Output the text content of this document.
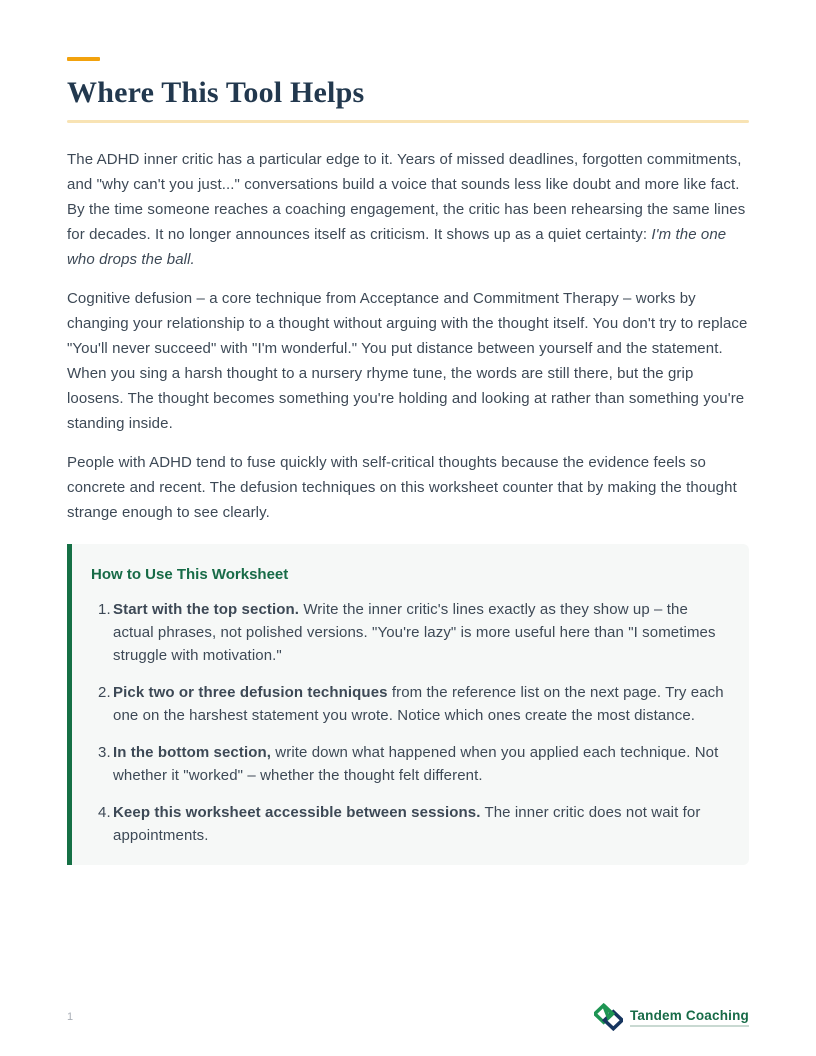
Where This Tool Helps

The ADHD inner critic has a particular edge to it. Years of missed deadlines, forgotten commitments, and "why can't you just..." conversations build a voice that sounds less like doubt and more like fact. By the time someone reaches a coaching engagement, the critic has been rehearsing the same lines for decades. It no longer announces itself as criticism. It shows up as a quiet certainty: I'm the one who drops the ball.

Cognitive defusion – a core technique from Acceptance and Commitment Therapy – works by changing your relationship to a thought without arguing with the thought itself. You don't try to replace "You'll never succeed" with "I'm wonderful." You put distance between yourself and the statement. When you sing a harsh thought to a nursery rhyme tune, the words are still there, but the grip loosens. The thought becomes something you're holding and looking at rather than something you're standing inside.

People with ADHD tend to fuse quickly with self-critical thoughts because the evidence feels so concrete and recent. The defusion techniques on this worksheet counter that by making the thought strange enough to see clearly.

How to Use This Worksheet
1. Start with the top section. Write the inner critic's lines exactly as they show up – the actual phrases, not polished versions. "You're lazy" is more useful here than "I sometimes struggle with motivation."
2. Pick two or three defusion techniques from the reference list on the next page. Try each one on the harshest statement you wrote. Notice which ones create the most distance.
3. In the bottom section, write down what happened when you applied each technique. Not whether it "worked" – whether the thought felt different.
4. Keep this worksheet accessible between sessions. The inner critic does not wait for appointments.
1	Tandem Coaching
